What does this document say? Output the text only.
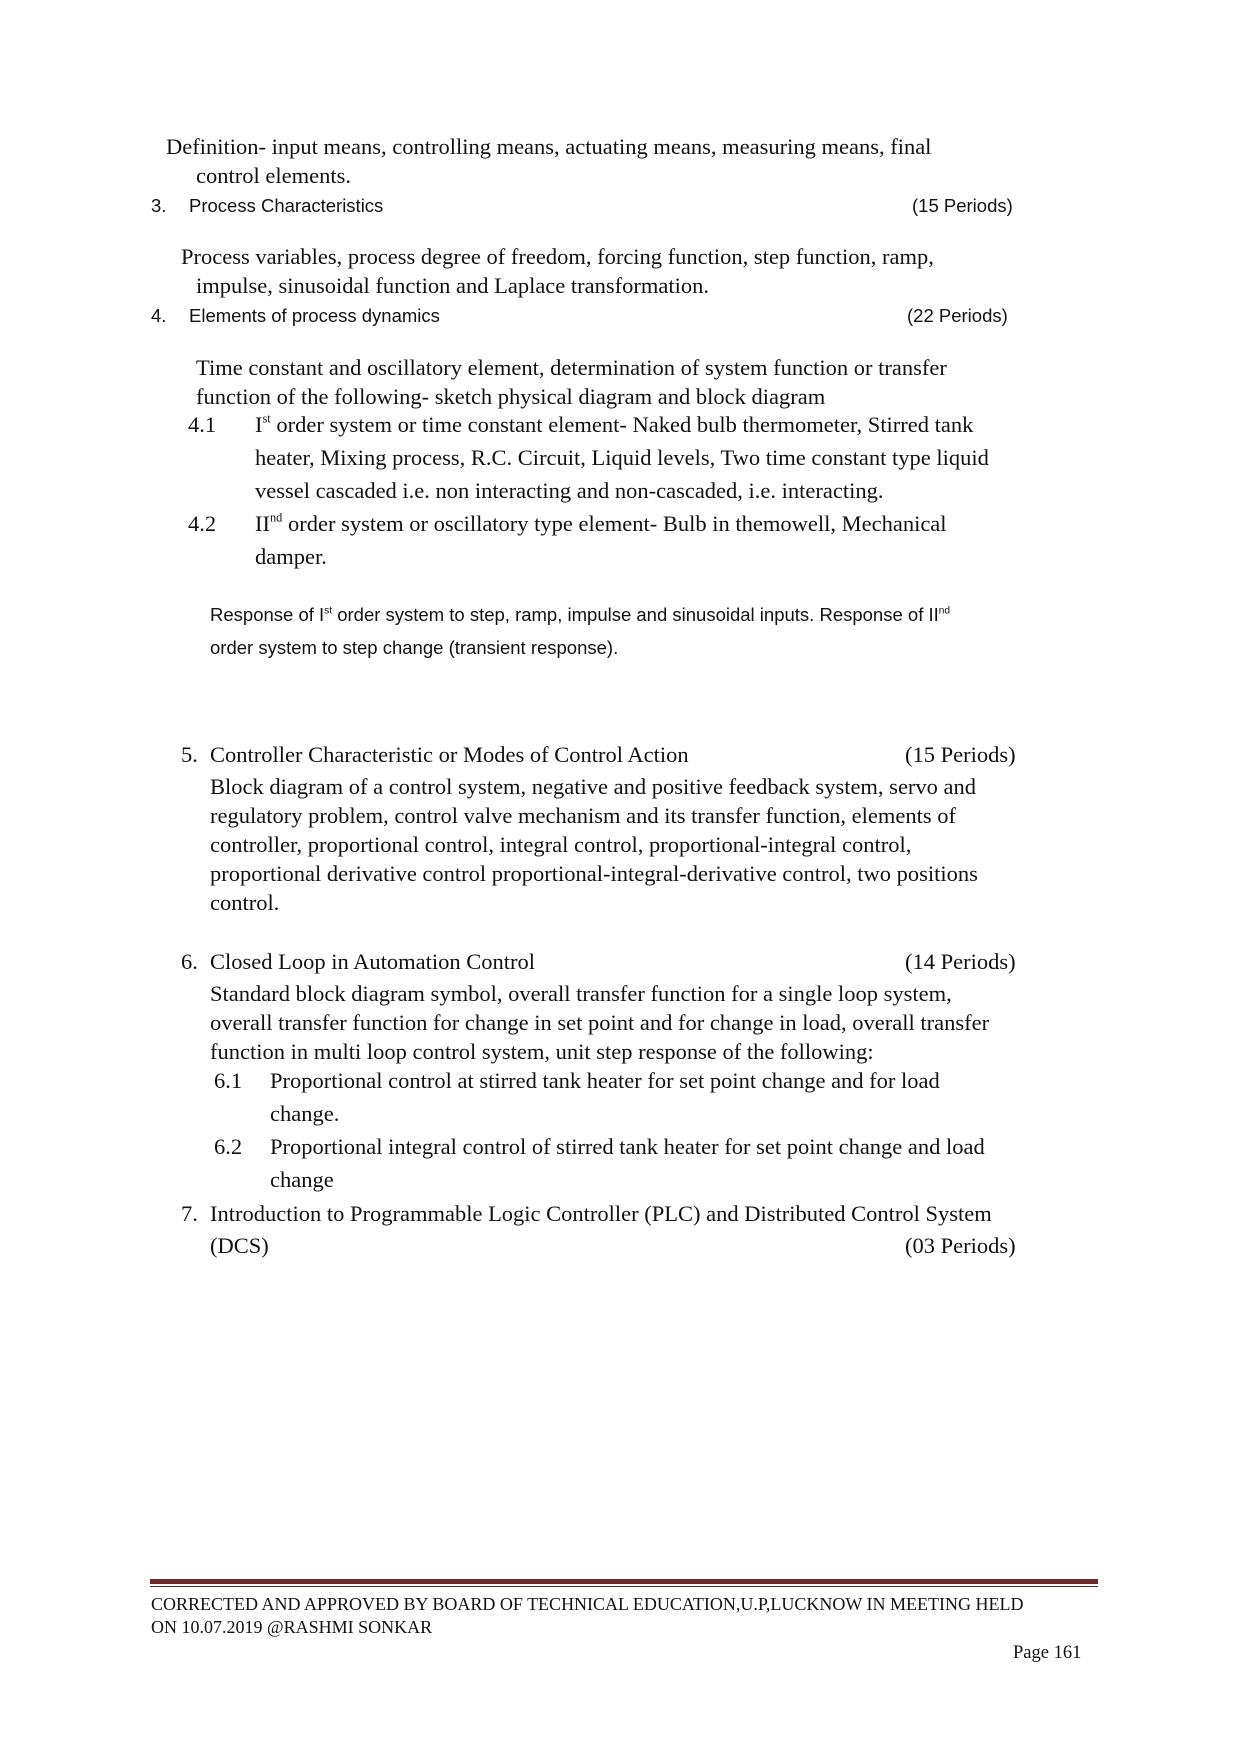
Definition- input means, controlling means, actuating means, measuring means, final
control elements.
3. Process Characteristics	(15 Periods)
Process variables, process degree of freedom, forcing function, step function, ramp,
impulse, sinusoidal function and Laplace transformation.
4. Elements of process dynamics	(22 Periods)
Time constant and oscillatory element, determination of system function or transfer
function of the following- sketch physical diagram and block diagram
4.1 Ist order system or time constant element- Naked bulb thermometer, Stirred tank
heater, Mixing process, R.C. Circuit, Liquid levels, Two time constant type liquid
vessel cascaded i.e. non interacting and non-cascaded, i.e. interacting.
4.2 IInd order system or oscillatory type element- Bulb in themowell, Mechanical
damper.
Response of Ist order system to step, ramp, impulse and sinusoidal inputs. Response of IInd
order system to step change (transient response).
5. Controller Characteristic or Modes of Control Action	(15 Periods)
Block diagram of a control system, negative and positive feedback system, servo and
regulatory problem, control valve mechanism and its transfer function, elements of
controller, proportional control, integral control, proportional-integral control,
proportional derivative control proportional-integral-derivative control, two positions
control.
6. Closed Loop in Automation Control	(14 Periods)
Standard block diagram symbol, overall transfer function for a single loop system,
overall transfer function for change in set point and for change in load, overall transfer
function in multi loop control system, unit step response of the following:
6.1 Proportional control at stirred tank heater for set point change and for load
change.
6.2 Proportional integral control of stirred tank heater for set point change and load
change
7. Introduction to Programmable Logic Controller (PLC) and Distributed Control System
(DCS)	(03 Periods)
CORRECTED AND APPROVED BY BOARD OF TECHNICAL EDUCATION,U.P,LUCKNOW IN MEETING HELD
ON 10.07.2019 @RASHMI SONKAR
Page 161
